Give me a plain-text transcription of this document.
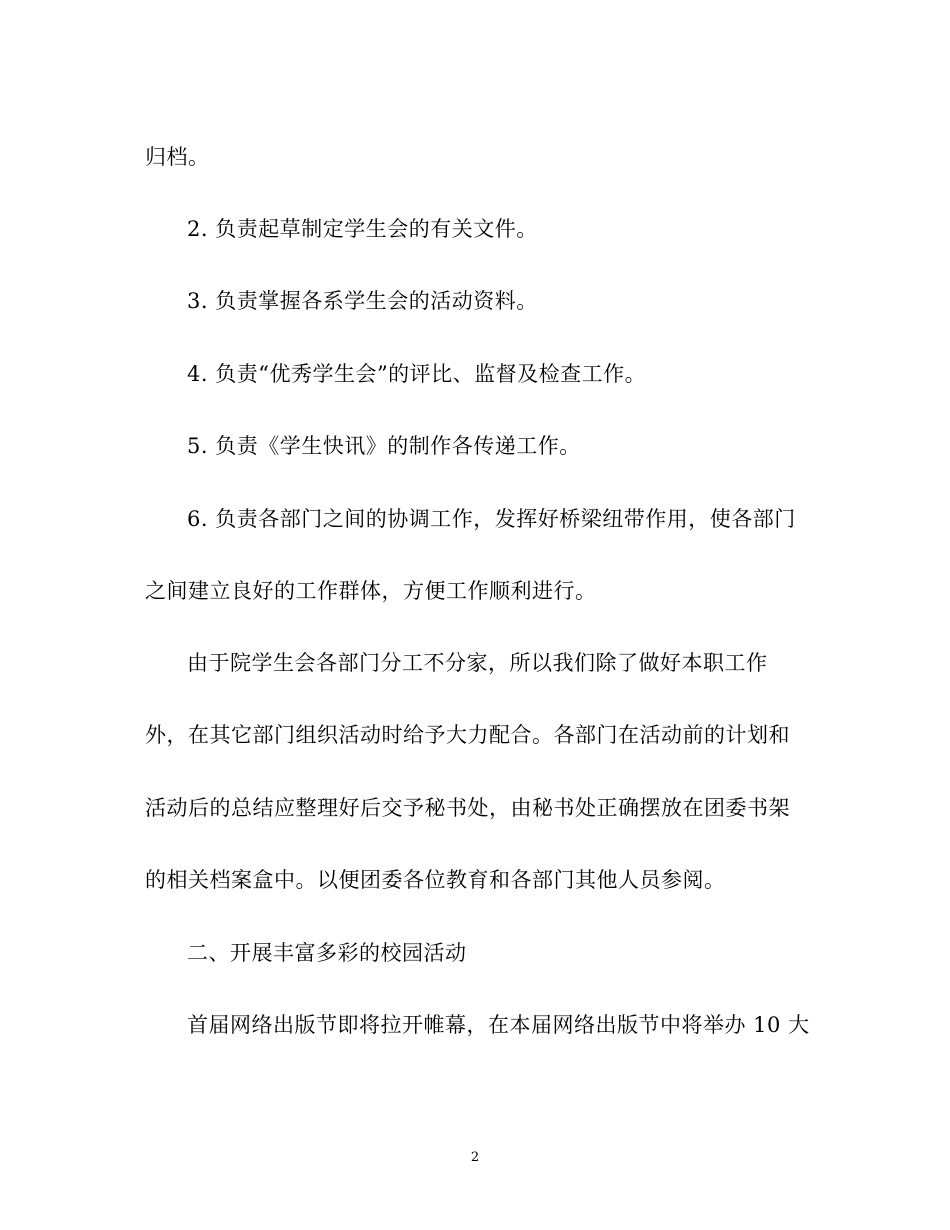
归档。
2. 负责起草制定学生会的有关文件。
3. 负责掌握各系学生会的活动资料。
4. 负责“优秀学生会”的评比、监督及检查工作。
5. 负责《学生快讯》的制作各传递工作。
6. 负责各部门之间的协调工作，发挥好桥梁纽带作用，使各部门
之间建立良好的工作群体，方便工作顺利进行。
由于院学生会各部门分工不分家，所以我们除了做好本职工作
外，在其它部门组织活动时给予大力配合。各部门在活动前的计划和
活动后的总结应整理好后交予秘书处，由秘书处正确摆放在团委书架
的相关档案盒中。以便团委各位教育和各部门其他人员参阅。
二、开展丰富多彩的校园活动
首届网络出版节即将拉开帷幕，在本届网络出版节中将举办 10 大
2
